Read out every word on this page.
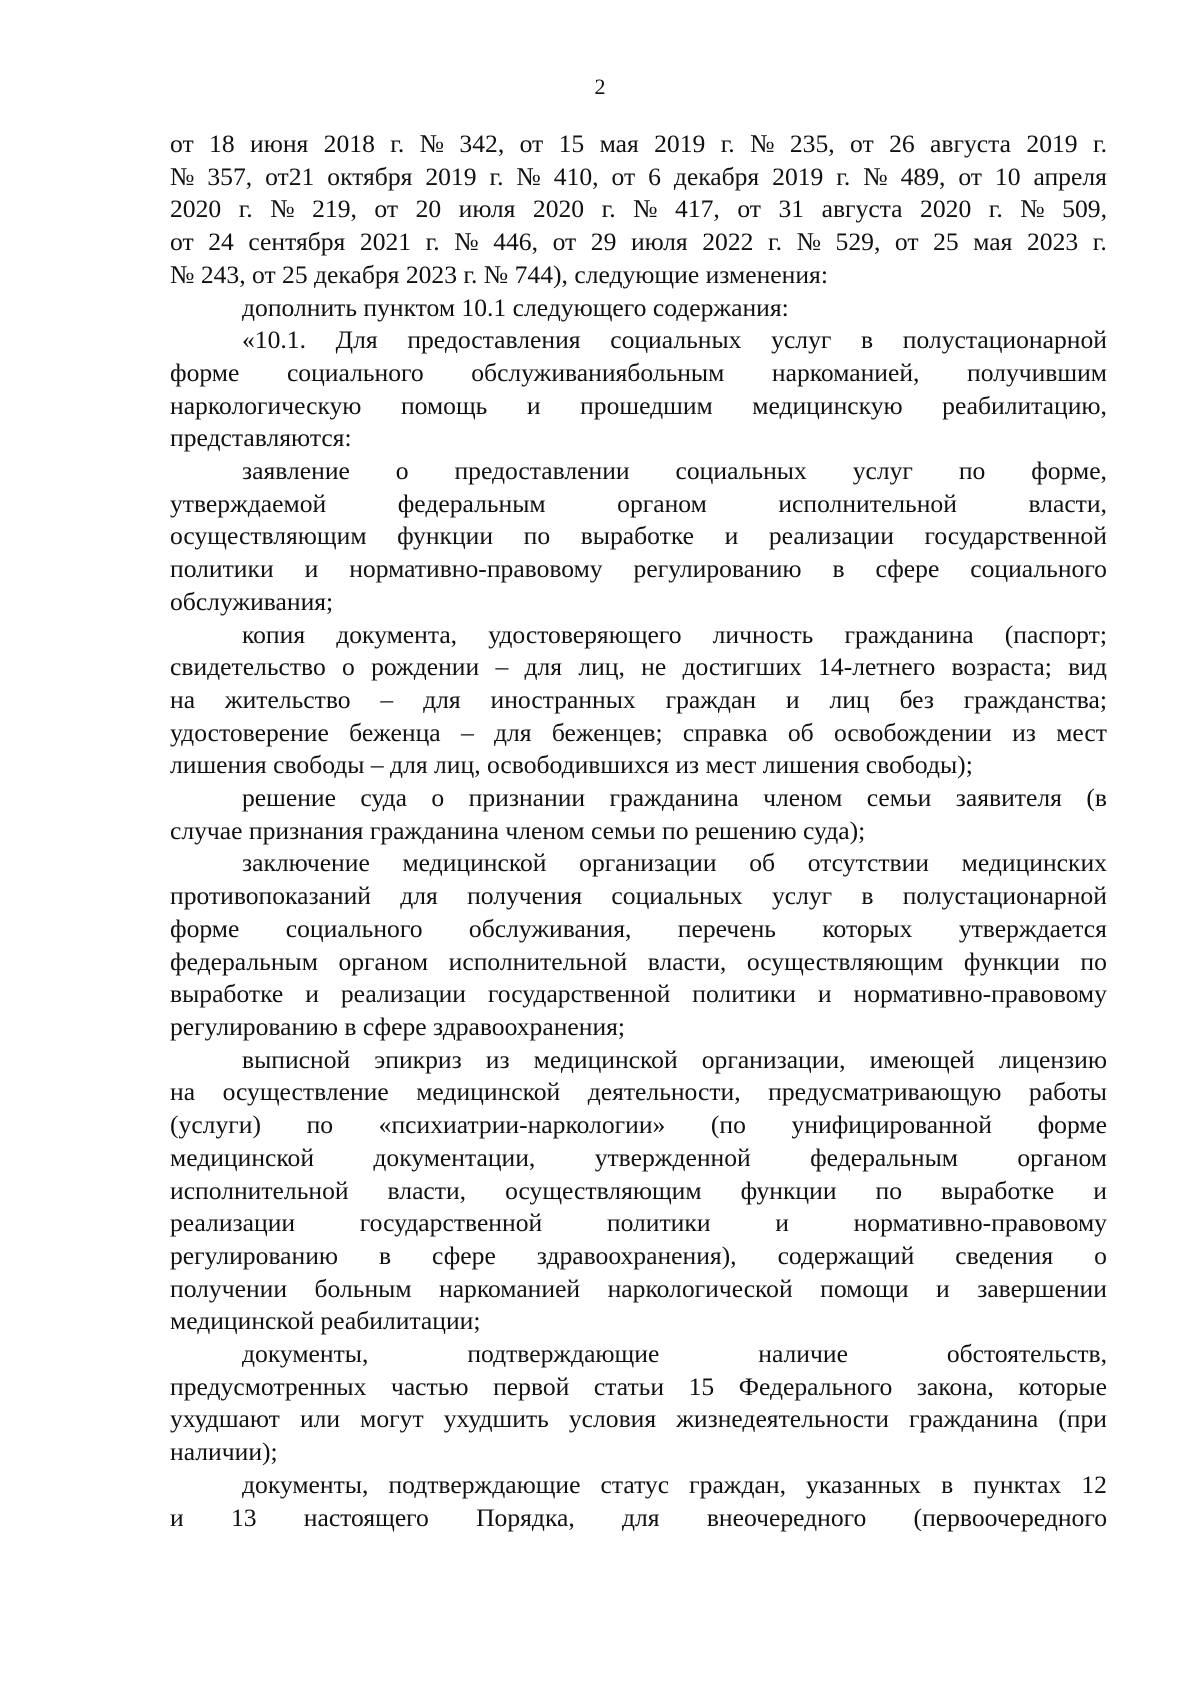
2
от 18 июня 2018 г. № 342, от 15 мая 2019 г. № 235, от 26 августа 2019 г.
№ 357, от21 октября 2019 г. № 410, от 6 декабря 2019 г. № 489, от 10 апреля
2020 г. № 219, от 20 июля 2020 г. № 417, от 31 августа 2020 г. № 509,
от 24 сентября 2021 г. № 446, от 29 июля 2022 г. № 529, от 25 мая 2023 г.
№ 243, от 25 декабря 2023 г. № 744), следующие изменения:
дополнить пунктом 10.1 следующего содержания:
«10.1. Для предоставления социальных услуг в полустационарной
форме социального обслуживаниябольным наркоманией, получившим
наркологическую помощь и прошедшим медицинскую реабилитацию,
представляются:
заявление о предоставлении социальных услуг по форме,
утверждаемой	федеральным	органом	исполнительной	власти,
осуществляющим функции по выработке и реализации государственной
политики и нормативно-правовому регулированию в сфере социального
обслуживания;
копия документа, удостоверяющего личность гражданина (паспорт;
свидетельство о рождении – для лиц, не достигших 14-летнего возраста; вид
на жительство – для иностранных граждан и лиц без гражданства;
удостоверение беженца – для беженцев; справка об освобождении из мест
лишения свободы – для лиц, освободившихся из мест лишения свободы);
решение суда о признании гражданина членом семьи заявителя (в
случае признания гражданина членом семьи по решению суда);
заключение медицинской организации об отсутствии медицинских
противопоказаний для получения социальных услуг в полустационарной
форме социального обслуживания, перечень которых утверждается
федеральным органом исполнительной власти, осуществляющим функции по
выработке и реализации государственной политики и нормативно-правовому
регулированию в сфере здравоохранения;
выписной эпикриз из медицинской организации, имеющей лицензию
на осуществление медицинской деятельности, предусматривающую работы
(услуги) по «психиатрии-наркологии» (по унифицированной форме
медицинской документации, утвержденной федеральным органом
исполнительной власти, осуществляющим функции по выработке и
реализации	государственной	политики	и	нормативно-правовому
регулированию в сфере здравоохранения), содержащий сведения о
получении больным наркоманией наркологической помощи и завершении
медицинской реабилитации;
документы,	подтверждающие	наличие	обстоятельств,
предусмотренных частью первой статьи 15 Федерального закона, которые
ухудшают или могут ухудшить условия жизнедеятельности гражданина (при
наличии);
документы, подтверждающие статус граждан, указанных в пунктах 12
и 13 настоящего Порядка, для внеочередного (первоочередного
